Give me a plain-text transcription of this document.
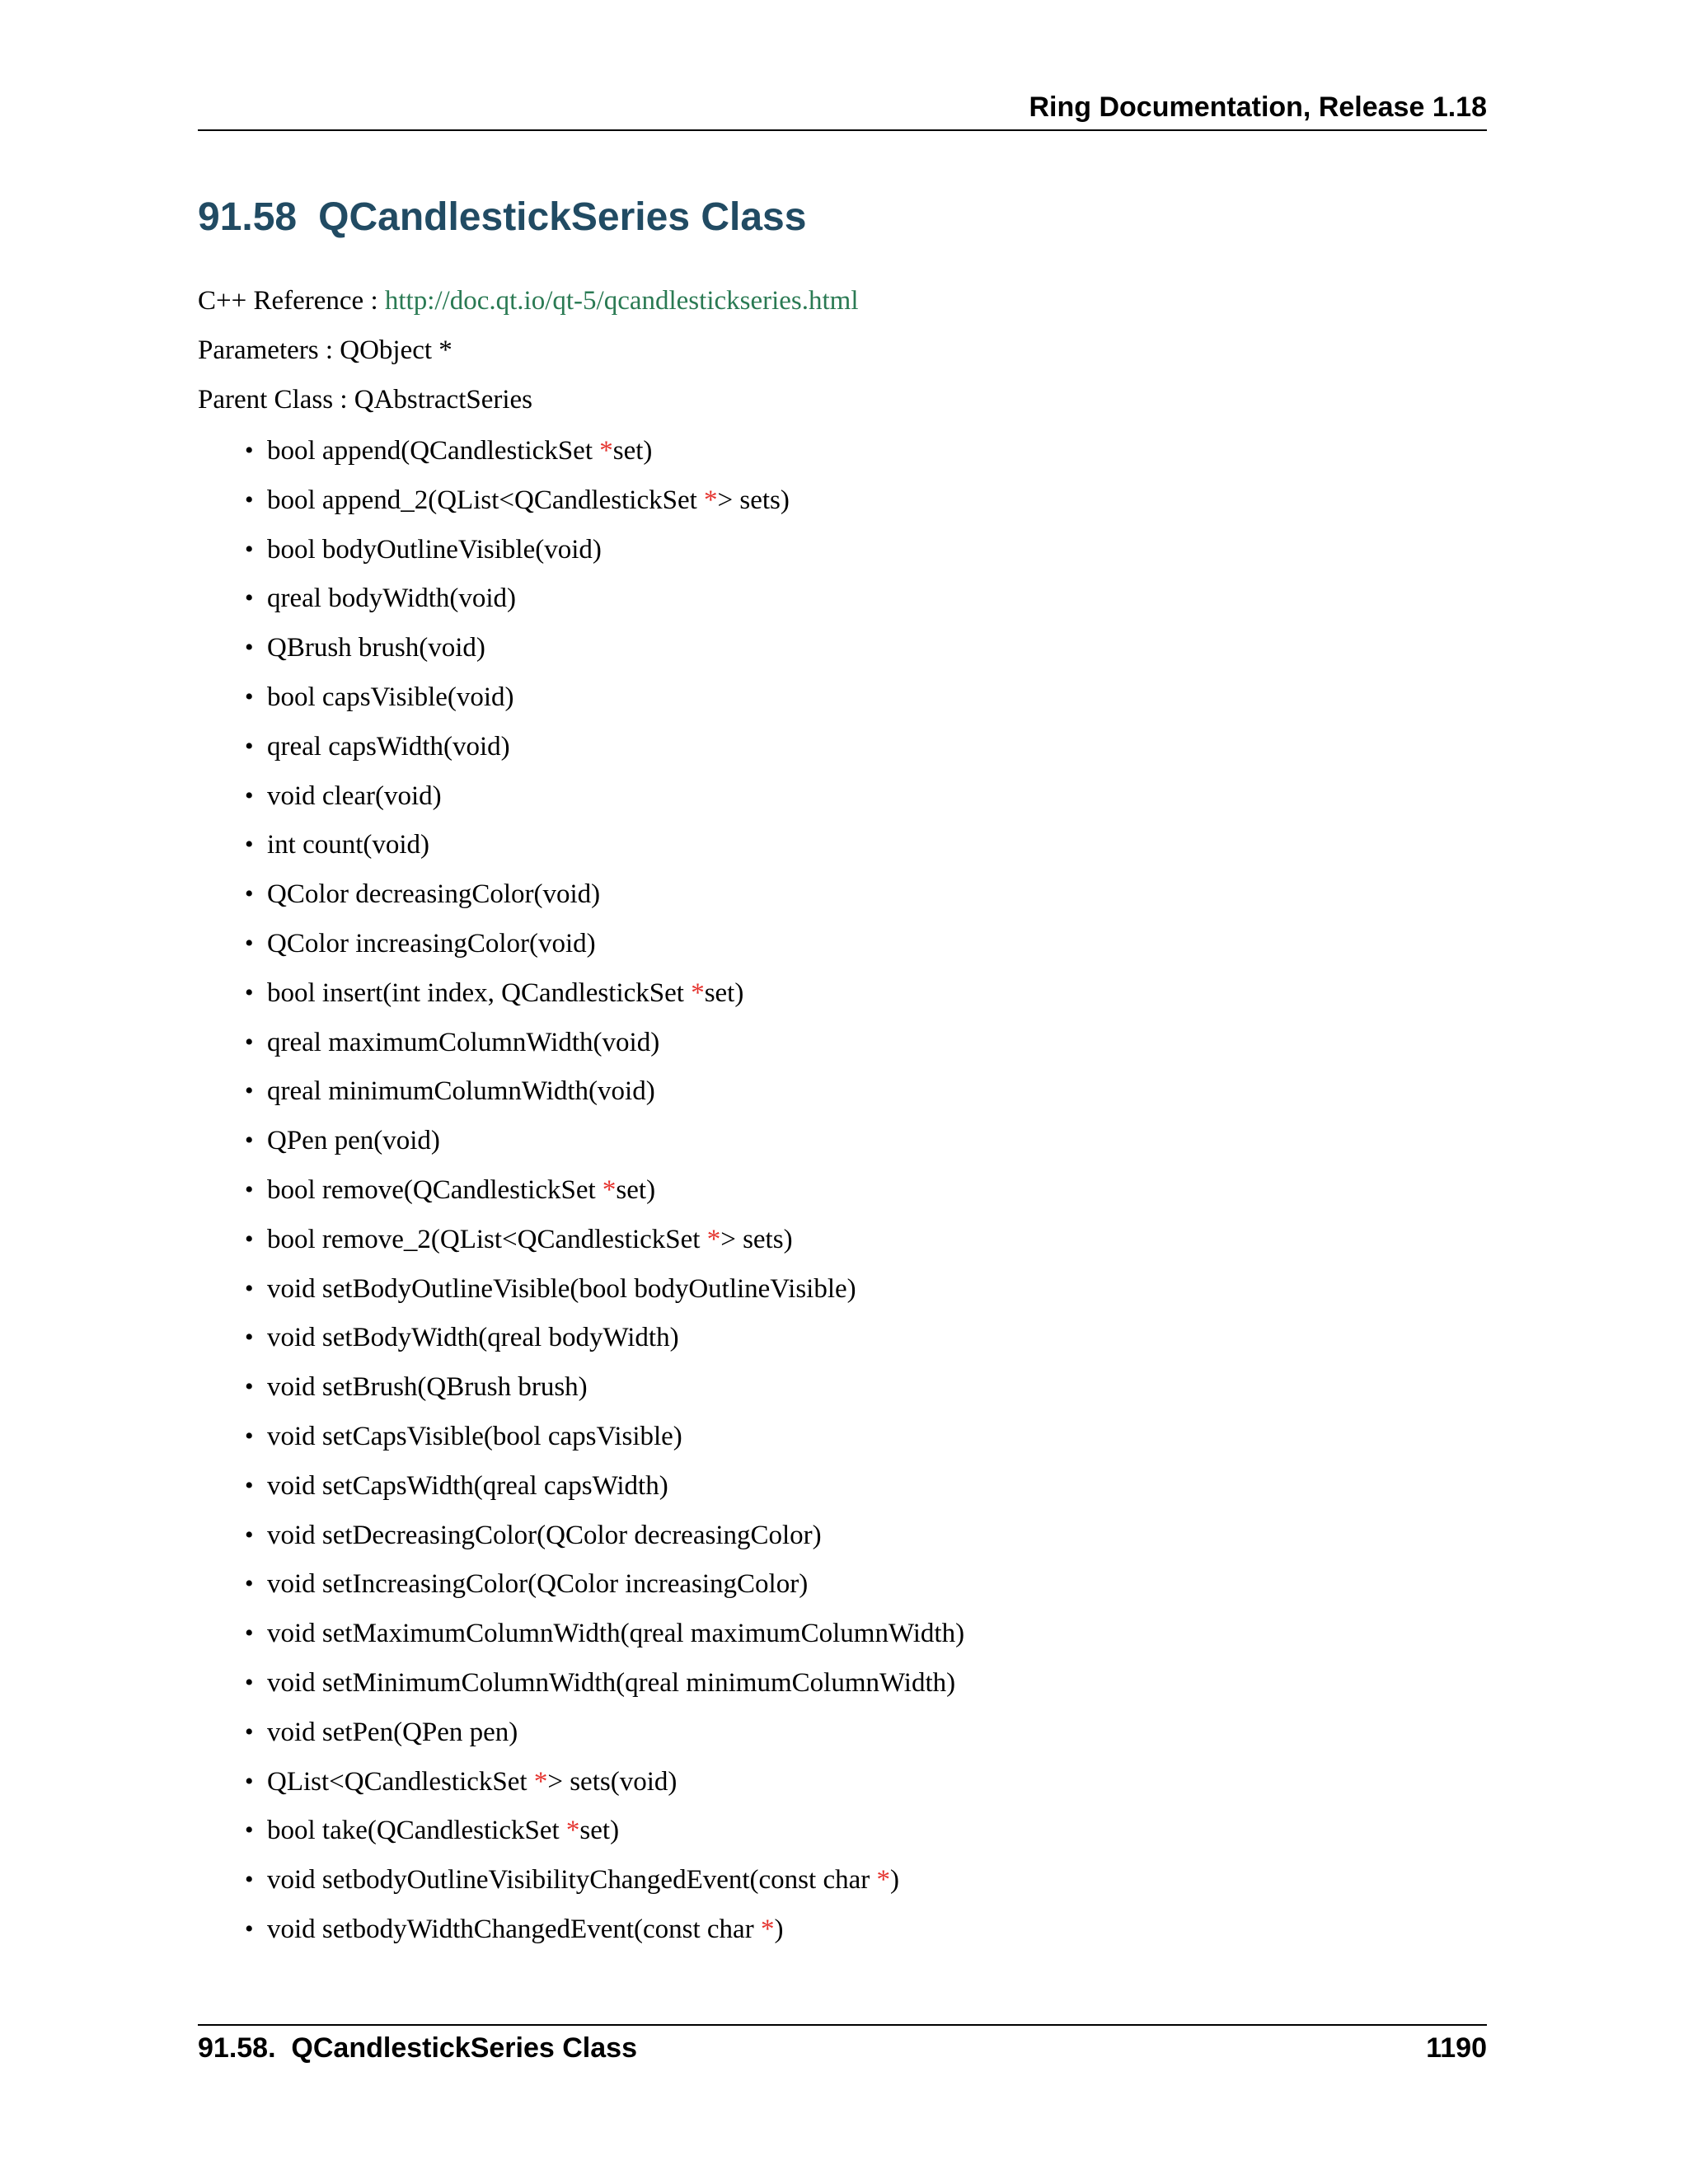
Ring Documentation, Release 1.18
91.58 QCandlestickSeries Class
C++ Reference : http://doc.qt.io/qt-5/qcandlestickseries.html
Parameters : QObject *
Parent Class : QAbstractSeries
• bool append(QCandlestickSet *set)
• bool append_2(QList<QCandlestickSet *> sets)
• bool bodyOutlineVisible(void)
• qreal bodyWidth(void)
• QBrush brush(void)
• bool capsVisible(void)
• qreal capsWidth(void)
• void clear(void)
• int count(void)
• QColor decreasingColor(void)
• QColor increasingColor(void)
• bool insert(int index, QCandlestickSet *set)
• qreal maximumColumnWidth(void)
• qreal minimumColumnWidth(void)
• QPen pen(void)
• bool remove(QCandlestickSet *set)
• bool remove_2(QList<QCandlestickSet *> sets)
• void setBodyOutlineVisible(bool bodyOutlineVisible)
• void setBodyWidth(qreal bodyWidth)
• void setBrush(QBrush brush)
• void setCapsVisible(bool capsVisible)
• void setCapsWidth(qreal capsWidth)
• void setDecreasingColor(QColor decreasingColor)
• void setIncreasingColor(QColor increasingColor)
• void setMaximumColumnWidth(qreal maximumColumnWidth)
• void setMinimumColumnWidth(qreal minimumColumnWidth)
• void setPen(QPen pen)
• QList<QCandlestickSet *> sets(void)
• bool take(QCandlestickSet *set)
• void setbodyOutlineVisibilityChangedEvent(const char *)
• void setbodyWidthChangedEvent(const char *)
91.58.  QCandlestickSeries Class	1190
